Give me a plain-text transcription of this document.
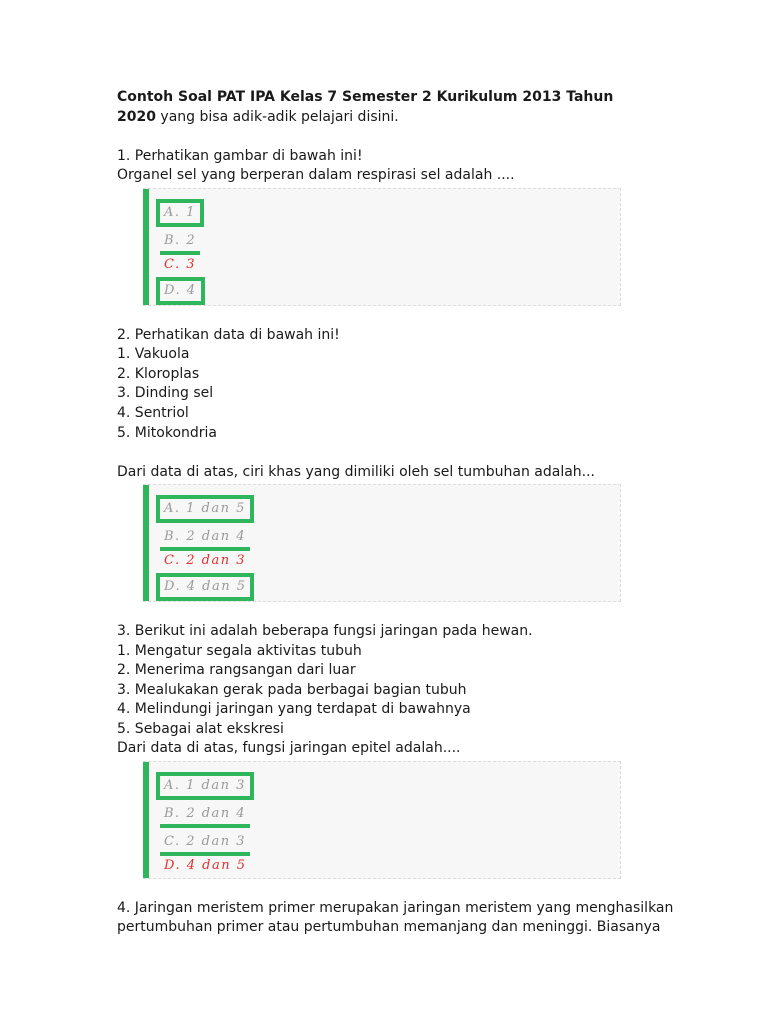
Contoh Soal PAT IPA Kelas 7 Semester 2 Kurikulum 2013 Tahun
2020 yang bisa adik-adik pelajari disini.
1. Perhatikan gambar di bawah ini!
Organel sel yang berperan dalam respirasi sel adalah ....
A. 1
B. 2
C. 3
D. 4
2. Perhatikan data di bawah ini!
1. Vakuola
2. Kloroplas
3. Dinding sel
4. Sentriol
5. Mitokondria
Dari data di atas, ciri khas yang dimiliki oleh sel tumbuhan adalah...
A. 1 dan 5
B. 2 dan 4
C. 2 dan 3
D. 4 dan 5
3. Berikut ini adalah beberapa fungsi jaringan pada hewan.
1. Mengatur segala aktivitas tubuh
2. Menerima rangsangan dari luar
3. Mealukakan gerak pada berbagai bagian tubuh
4. Melindungi jaringan yang terdapat di bawahnya
5. Sebagai alat ekskresi
Dari data di atas, fungsi jaringan epitel adalah....
A. 1 dan 3
B. 2 dan 4
C. 2 dan 3
D. 4 dan 5
4. Jaringan meristem primer merupakan jaringan meristem yang menghasilkan
pertumbuhan primer atau pertumbuhan memanjang dan meninggi. Biasanya
